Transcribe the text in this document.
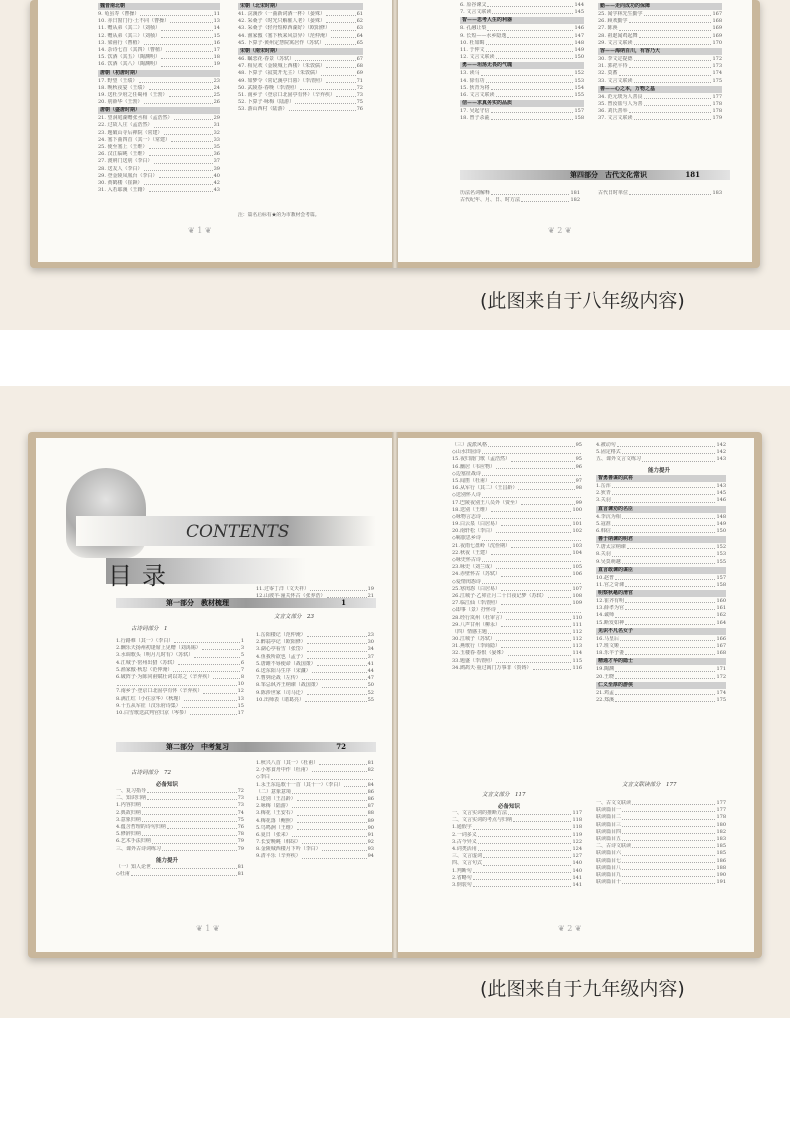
魏晋南北朝
9. 龟虽寿（曹操）	11
10. 赤日窗门行·土不同（曹操）	13
11. 赠从弟（其二）（刘桢）	14
12. 赠从弟（其三）（刘桢）	15
13. 梁甫行（曹植）	16
14. 杂诗七首（其四）（曹植）	17
15. 饮酒（其五）（陶渊明）	18
16. 饮酒（其八）（陶渊明）	19
唐朝（初唐时期）
17. 野望（王绩）	23
18. 晚秋夜宴（王绩）	24
19. 送杜少府之任蜀州（王勃）	25
20. 别薛华（王勃）	26
唐朝（盛唐时期）
21. 望洞庭湖赠张丞相（孟浩然）	29
22. 过故人庄（孟浩然）	31
23. 题破山寺后禅院（常建）	32
24. 塞下曲四首（其一）（常建）	33
25. 使至塞上（王维）	35
26. 汉江临眺（王维）	36
27. 渡荆门送别（李白）	37
28. 送友人（李白）	39
29. 登金陵凤凰台（李白）	40
30. 黄鹤楼（崔颢）	42
31. 入若耶溪（王籍）	43
宋朝（北宋时期）
41. 浣溪沙（一曲新词酒一杯）（晏殊）	61
42. 采桑子（时光只解催人老）（晏殊）	62
43. 采桑子（轻舟短棹西湖好）（欧阳修）	63
44. 渔家傲（塞下秋来风景异）（范仲淹）	64
45. 卜算子·黄州定慧院寓居作（苏轼）	65
宋朝（南宋时期）
46. 瞩恋花·春景（苏轼）	67
47. 相见欢（金陵城上西楼）（朱敦儒）	68
48. 卜算子（寂寞开无主）（朱敦儒）	69
49. 如梦令（常记溪亭日暮）（李清照）	71
50. 武陵春·春晚（李清照）	72
51. 南乡子（登京口北固亭有怀）（辛弃疾）	73
52. 卜算子·咏梅（陆游）	75
53. 游山西村（陆游）	76
注：篇名后标有★的为市教材会考篇。
❦ 1 ❦
6. 原谷谏父	144
7. 文言文联读	145
智——思考人生的利器
8. 孔融让梨	146
9. 长短——水乡隐逸	147
10. 杜如晦	148
11. 于仲文	149
12. 文言文联读	150
勇——坦荡无畏的气魄
13. 读马	152
14. 徐有功	153
15. 狄青为将	154
16. 文言文联读	155
信——求真务实的品质
17. 吴起守信	157
18. 曾子杀彘	158
勤——走向成功的保障
25. 闻学林先生勤学	167
26. 顾欢勤学	168
27. 陈涣	169
28. 祖逖闻鸡起舞	169
29. 文言文联读	170
容——海纳百川，有容乃大
30. 李文定提德	172
31. 郭祀平待	173
32. 莫蓄	174
33. 文言文联读	175
善——心之本，万物之基
34. 范元琰为人善良	177
35. 曾汝盐与人为善	178
36. 刘氏善举	178
37. 文言文联读	179
第四部分　古代文化常识	181
历法名词解释	181
古代纪年、月、日、时方法	182
古代日时单位	183
❦ 2 ❦
(此图来自于八年级内容)
CONTENTS
目录
第一部分　教材梳理	1
古诗词部分　 1
文言文部分　 23
1.行路难（其一）（李白）	1
2.酬乐天扬州初逢席上见赠（刘禹锡）	3
3.水调歌头（明月几时有）（苏轼）	5
4.江城子·密州出猎（苏轼）	6
5.渔家傲·秋思（范仲淹）	7
6.破阵子·为陈同甫赋壮词以寄之（辛弃疾）	8
10
7.南乡子·登京口北固亭有怀（辛弃疾）	12
8.满江红（小住京华）（秋瑾）	13
9.十五从军征（汉乐府诗集）	15
10.白雪歌送武判官归京（岑参）	17
11.过零丁洋（文天祥）	19
12.山坡羊·潼关怀古（张养浩）	21
1.岳阳楼记（范仲淹）	23
2.醉翁亭记（欧阳修）	30
3.湖心亭看雪（张岱）	34
4.鱼我所欲也（孟子）	37
5.唐雎不辱使命（战国策）	41
6.送东阳马生序（宋濂）	44
7.曹刿论战（左传）	47
8.邹忌讽齐王纳谏（战国策）	50
9.陈涉世家（司马迁）	52
10.出师表（诸葛亮）	55
第二部分　中考复习	72
古诗词部分　 72
必备知识
一、复习指导	72
二、知识归纳	73
1.内容归纳	73
2.典故归纳	74
3.意象归纳	75
4.蕴含哲理的诗句归纳	76
5.修辞归纳	78
6.艺术手法归纳	79
三、课外古诗词练习	79
能力提升
（一）知人论世	81
◇杜甫	81
1.秋兴八首（其一）（杜甫）	81
2.小寒食舟中作（杜甫）	82
◇李白
1.永王东巡歌十一首（其十一）（李白）	84
（二）意象意境	86
1.送别（王昌龄）	86
2.咏梅（陆游）	87
3.梅花（王安石）	88
4.梅花落（鲍照）	89
5.鸟鸣涧（王维）	90
6.夏日（张耒）	91
7.长安晚眺（韩琮）	92
8.金陵城西楼月下吟（李白）	93
9.清平乐（辛弃疾）	94
❦ 1 ❦
（三）流派风格	95
◇山水田园诗
15.夜归鹿门歌（孟浩然）	95
16.幽居（韦应物）	96
◇边塞征战诗
15.闻笛（杜甫）	97
16.从军行（其二）（王昌龄）	98
◇送别怀人诗
17.巴陵夜别王八员外（贾至）	99
18.送别（王维）	100
◇咏物言志诗
19.白云泉（白居易）	101
20.南轩松（李白）	102
◇羁旅思乡诗
21.夜雨七盘岭（沈佺期）	103
22.秋夜（王建）	104
◇咏史怀古诗
23.咏史（刘兰成）	105
24.赤壁怀古（苏轼）	106
◇爱情闺怨诗
25.寒闺怨（白居易）	107
26.江城子·乙卯正月二十日夜记梦（苏轼）	108
27.临江仙（李清照）	109
◇即事（景）抒怀诗
28.经行岚州（杜审言）	110
29.八声甘州（柳永）	111
（四）情感主题	112
30.江城子（苏轼）	112
31.燕歌行（李商隐）	113
32.玉楼春·春恨（晏殊）	114
33.题盛（李清照）	115
34.鹧鸪天·重过阊门万事非（贺铸）	116
文言文部分　 117
必备知识
一、文言实词的推断方法	117
二、文言实词的考点与归纳	118
1.通假字	118
2.一词多义	119
3.古今异义	122
4.词类活用	124
三、文言虚词	127
四、文言句式	140
1.判断句	140
2.省略句	141
3.倒装句	141
4.被动句	142
5.固定格式	142
五、课外文言文练习	143
能力提升
智勇善谋的武将
1.岳浑	143
2.狄青	145
3.关羽	146
直言谏劝的名臣
4.李沆为相	148
5.寇准	149
6.韩信	150
善于纳谏的明君
7.唐太宗纳谏	152
8.关羽	153
9.吴莫萌越	155
直言敢谏的谋臣
10.赵普	157
11.官之奇谏	158
明察秋毫的清官
12.崔齐有明	160
13.薛孝为官	161
14.诚师	162
15.断发如神	164
见识不凡名女子
16.马皇后	166
17.班文姬	167
18.乐羊子妻	168
精通才华的隐士
19.陶渊	171
20.王晓	172
仁义至厚的游侠
21.鸡孟	174
22.郑溪	175
文言文联读部分　 177
一、古文文联读	177
联读篇目一	177
联读篇目二	178
联读篇目三	180
联读篇目四	182
联读篇目五	183
二、古诗文联读	185
联读篇目六	185
联读篇目七	186
联读篇目八	188
联读篇目九	190
联读篇目十	191
❦ 2 ❦
(此图来自于九年级内容)
